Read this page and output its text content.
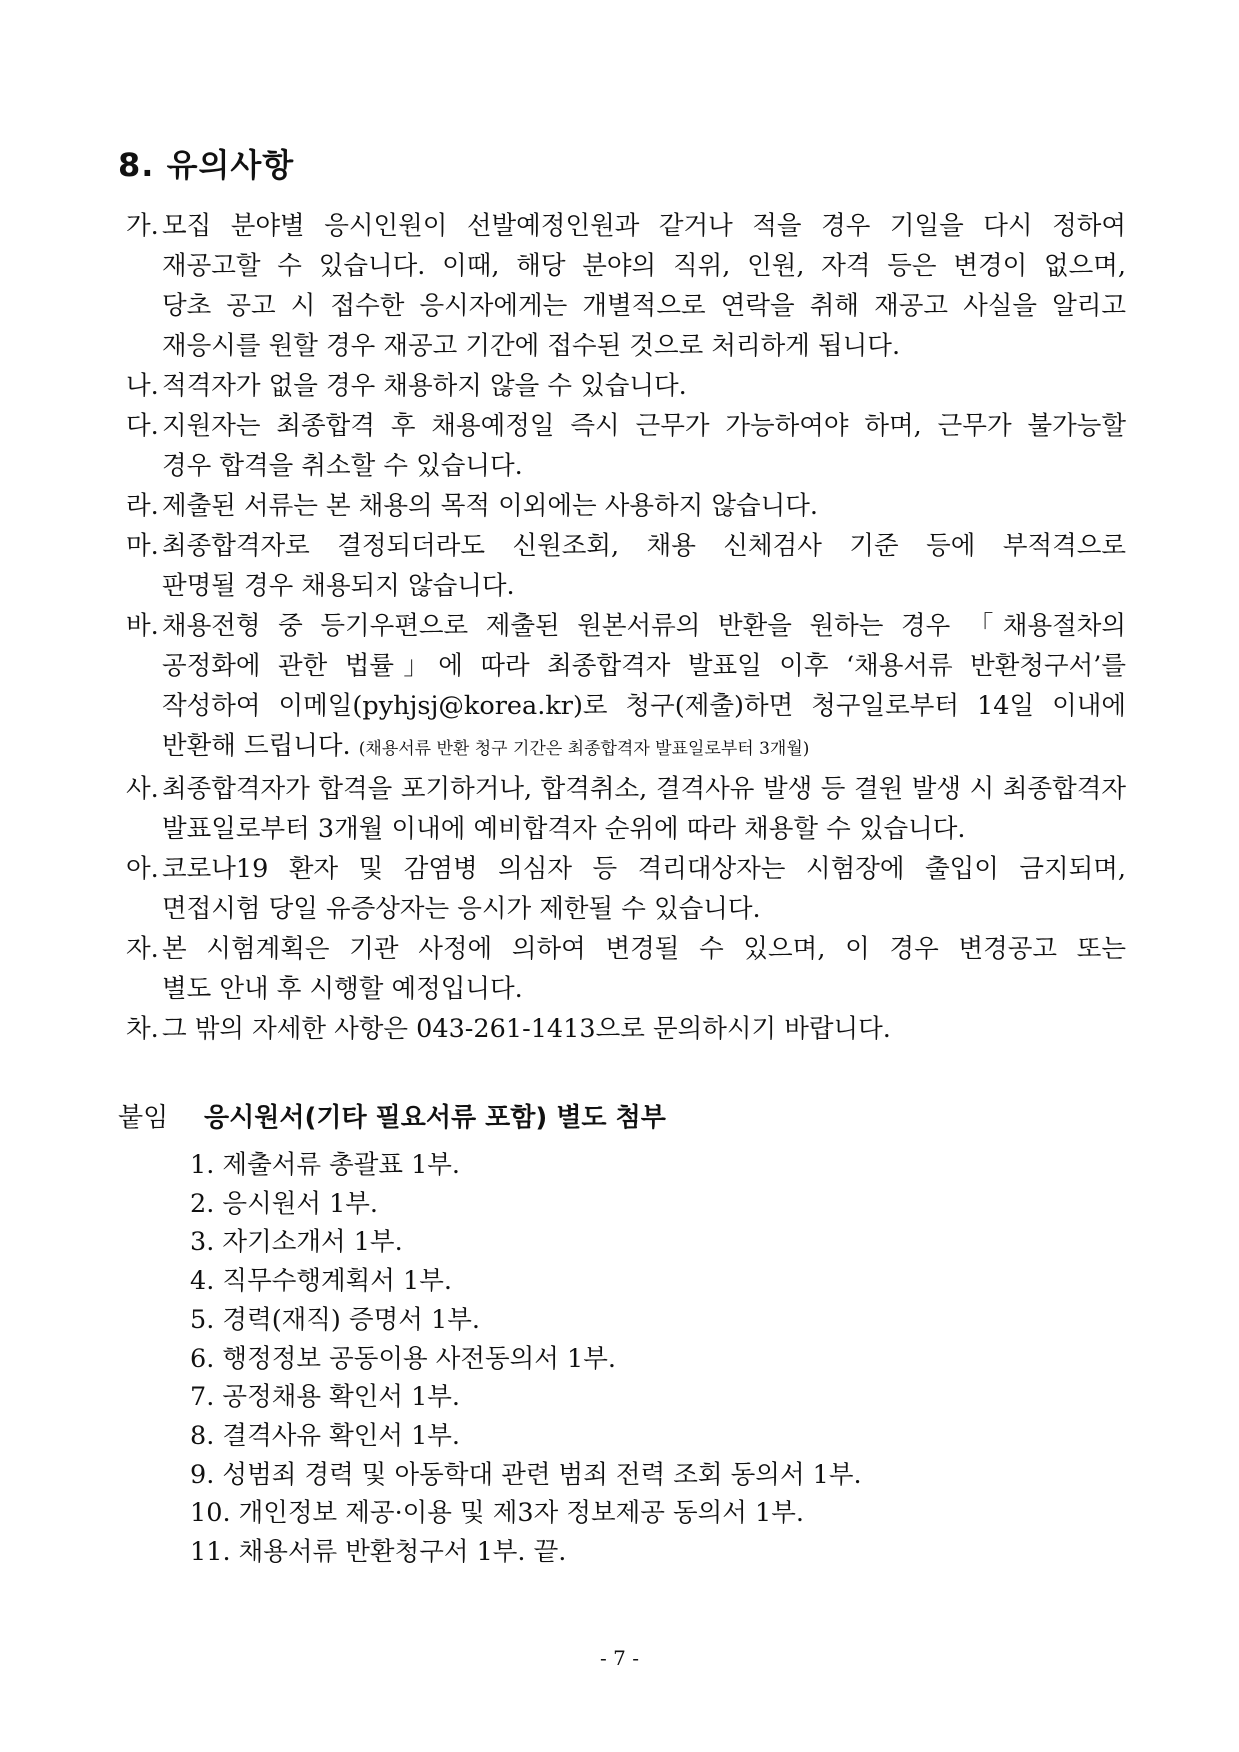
8. 유의사항
가. 모집 분야별 응시인원이 선발예정인원과 같거나 적을 경우 기일을 다시 정하여
재공고할 수 있습니다. 이때, 해당 분야의 직위, 인원, 자격 등은 변경이 없으며,
당초 공고 시 접수한 응시자에게는 개별적으로 연락을 취해 재공고 사실을 알리고
재응시를 원할 경우 재공고 기간에 접수된 것으로 처리하게 됩니다.
나. 적격자가 없을 경우 채용하지 않을 수 있습니다.
다. 지원자는 최종합격 후 채용예정일 즉시 근무가 가능하여야 하며, 근무가 불가능할
경우 합격을 취소할 수 있습니다.
라. 제출된 서류는 본 채용의 목적 이외에는 사용하지 않습니다.
마. 최종합격자로 결정되더라도 신원조회, 채용 신체검사 기준 등에 부적격으로
판명될 경우 채용되지 않습니다.
바. 채용전형 중 등기우편으로 제출된 원본서류의 반환을 원하는 경우 「채용절차의
공정화에 관한 법률」에 따라 최종합격자 발표일 이후 ‘채용서류 반환청구서’를
작성하여 이메일(pyhjsj@korea.kr)로 청구(제출)하면 청구일로부터 14일 이내에
반환해 드립니다. (채용서류 반환 청구 기간은 최종합격자 발표일로부터 3개월)
사. 최종합격자가 합격을 포기하거나, 합격취소, 결격사유 발생 등 결원 발생 시 최종합격자
발표일로부터 3개월 이내에 예비합격자 순위에 따라 채용할 수 있습니다.
아. 코로나19 환자 및 감염병 의심자 등 격리대상자는 시험장에 출입이 금지되며,
면접시험 당일 유증상자는 응시가 제한될 수 있습니다.
자. 본 시험계획은 기관 사정에 의하여 변경될 수 있으며, 이 경우 변경공고 또는
별도 안내 후 시행할 예정입니다.
차. 그 밖의 자세한 사항은 043-261-1413으로 문의하시기 바랍니다.
붙임 응시원서(기타 필요서류 포함) 별도 첨부
1. 제출서류 총괄표 1부.
2. 응시원서 1부.
3. 자기소개서 1부.
4. 직무수행계획서 1부.
5. 경력(재직) 증명서 1부.
6. 행정정보 공동이용 사전동의서 1부.
7. 공정채용 확인서 1부.
8. 결격사유 확인서 1부.
9. 성범죄 경력 및 아동학대 관련 범죄 전력 조회 동의서 1부.
10. 개인정보 제공·이용 및 제3자 정보제공 동의서 1부.
11. 채용서류 반환청구서 1부. 끝.
- 7 -
